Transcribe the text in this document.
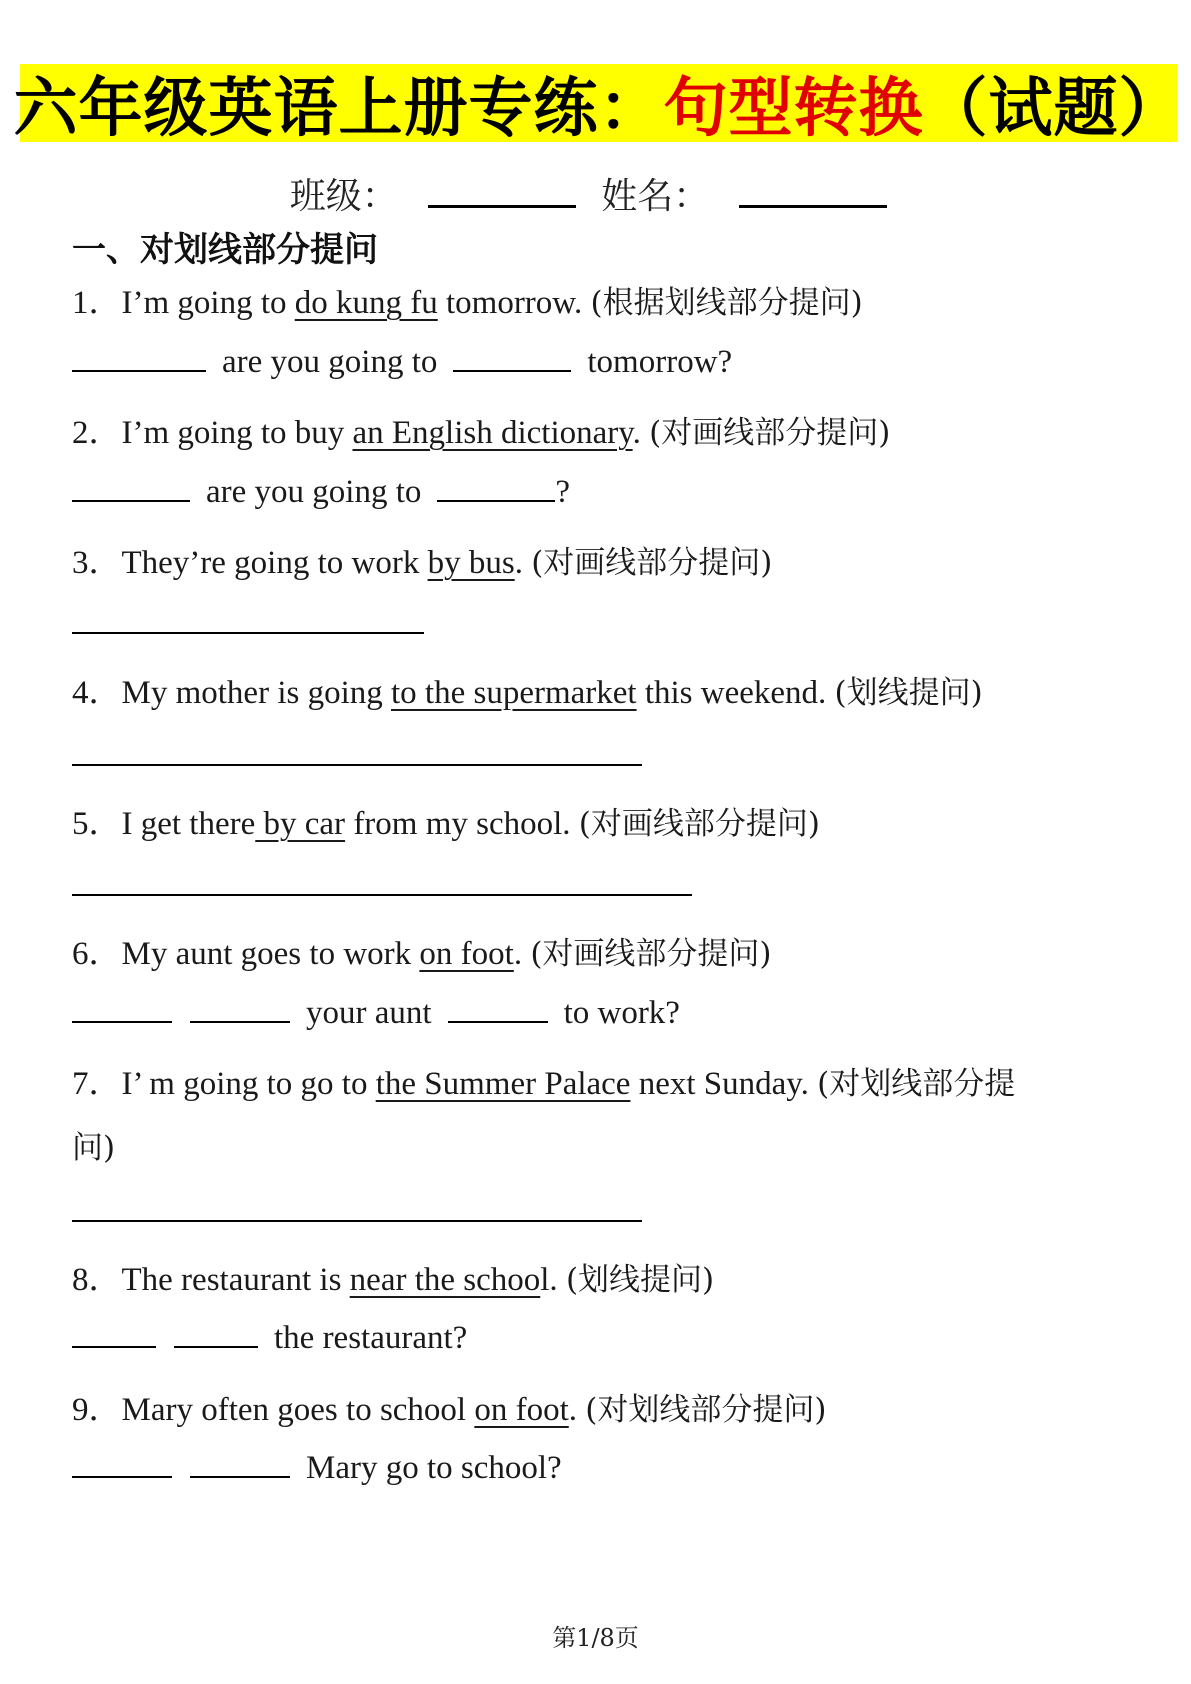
六年级英语上册专练：句型转换（试题）
班级：	姓名：
一、对划线部分提问
1．I’m going to do kung fu tomorrow. (根据划线部分提问)
are you going to	tomorrow?
2．I’m going to buy an English dictionary. (对画线部分提问)
are you going to	?
3．They’re going to work by bus. (对画线部分提问)
4．My mother is going to the supermarket this weekend. (划线提问)
5．I get there by car from my school. (对画线部分提问)
6．My aunt goes to work on foot. (对画线部分提问)
your aunt	to work?
7．I’ m going to go to the Summer Palace next Sunday. (对划线部分提
问)
8．The restaurant is near the school. (划线提问)
the restaurant?
9．Mary often goes to school on foot. (对划线部分提问)
Mary go to school?
第1/8页
